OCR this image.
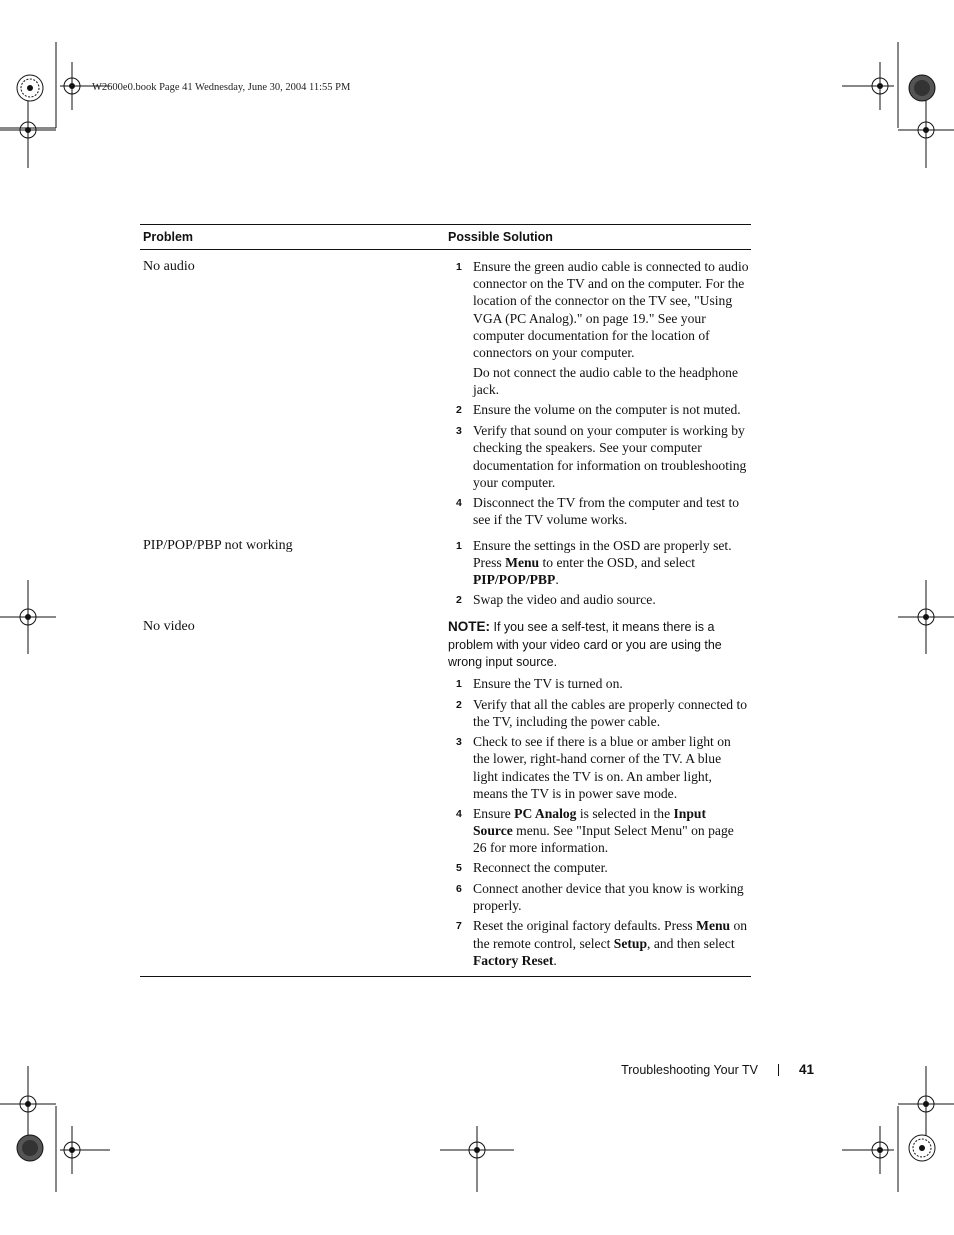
W2600e0.book Page 41 Wednesday, June 30, 2004 11:55 PM
Problem	Possible Solution
No audio	1 Ensure the green audio cable is connected to audio connector on the TV and on the computer. For the location of the connector on the TV see, "Using VGA (PC Analog)." on page 19." See your computer documentation for the location of connectors on your computer.
Do not connect the audio cable to the headphone jack.
2 Ensure the volume on the computer is not muted.
3 Verify that sound on your computer is working by checking the speakers. See your computer documentation for information on troubleshooting your computer.
4 Disconnect the TV from the computer and test to see if the TV volume works.
PIP/POP/PBP not working	1 Ensure the settings in the OSD are properly set. Press Menu to enter the OSD, and select PIP/POP/PBP.
2 Swap the video and audio source.
No video	NOTE: If you see a self-test, it means there is a problem with your video card or you are using the wrong input source.
1 Ensure the TV is turned on.
2 Verify that all the cables are properly connected to the TV, including the power cable.
3 Check to see if there is a blue or amber light on the lower, right-hand corner of the TV. A blue light indicates the TV is on. An amber light, means the TV is in power save mode.
4 Ensure PC Analog is selected in the Input Source menu. See "Input Select Menu" on page 26 for more information.
5 Reconnect the computer.
6 Connect another device that you know is working properly.
7 Reset the original factory defaults. Press Menu on the remote control, select Setup, and then select Factory Reset.
Troubleshooting Your TV	41
